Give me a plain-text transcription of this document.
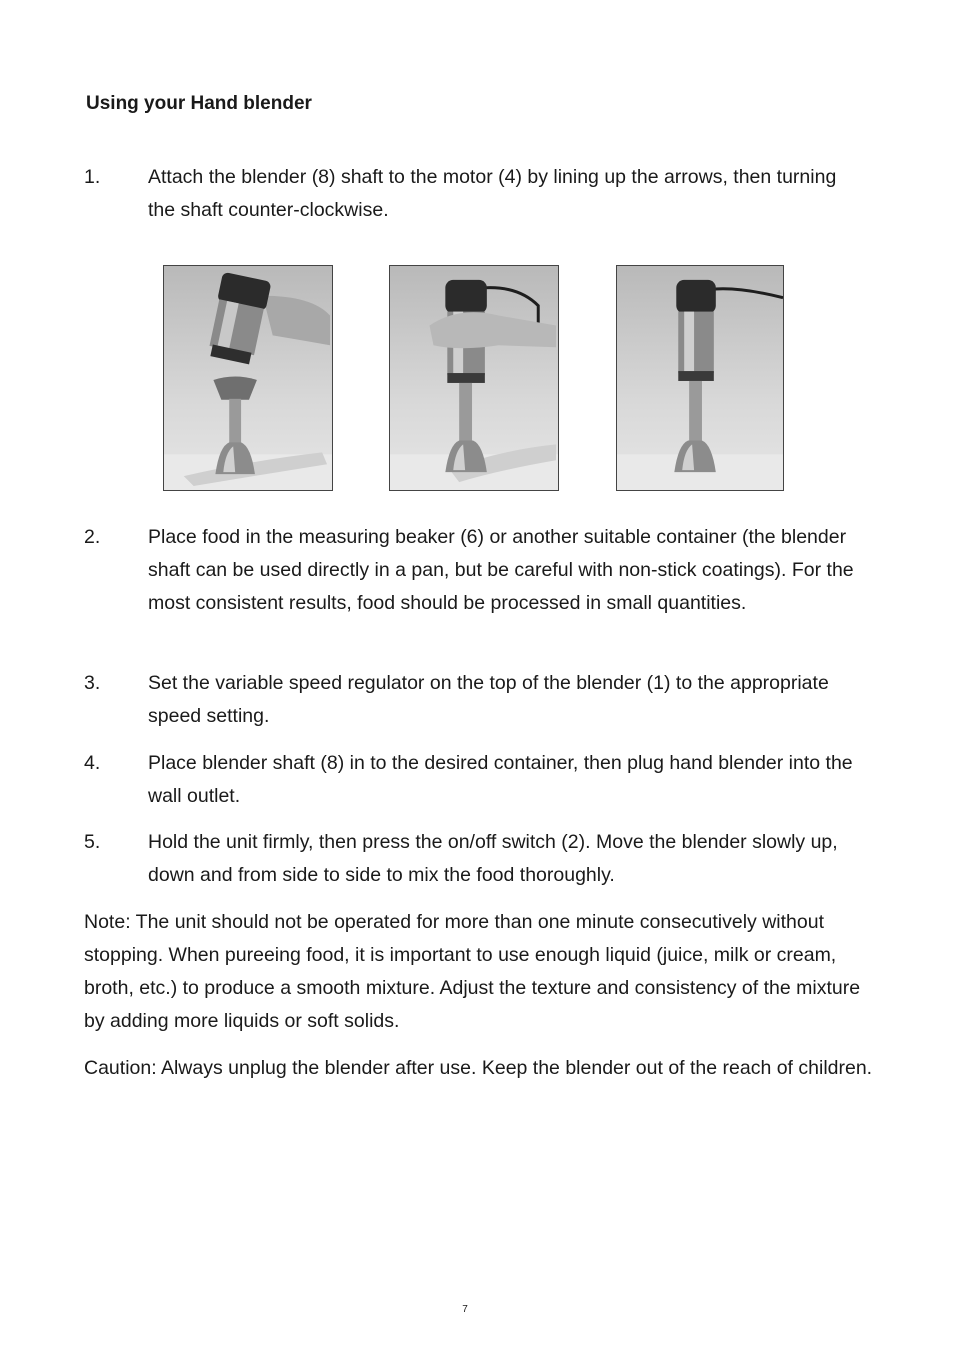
Using your Hand blender
1. Attach the blender (8) shaft to the motor (4) by lining up the arrows, then turning the shaft counter-clockwise.
2. Place food in the measuring beaker (6) or another suitable container (the blender shaft can be used directly in a pan, but be careful with non-stick coatings). For the most consistent results, food should be processed in small quantities.
3. Set the variable speed regulator on the top of the blender (1) to the appropriate speed setting.
4. Place blender shaft (8) in to the desired container, then plug hand blender into the wall outlet.
5. Hold the unit firmly, then press the on/off switch (2). Move the blender slowly up, down and from side to side to mix the food thoroughly.

Note: The unit should not be operated for more than one minute consecutively without stopping. When pureeing food, it is important to use enough liquid (juice, milk or cream, broth, etc.) to produce a smooth mixture. Adjust the texture and consistency of the mixture by adding more liquids or soft solids.

Caution: Always unplug the blender after use. Keep the blender out of the reach of children.

7
